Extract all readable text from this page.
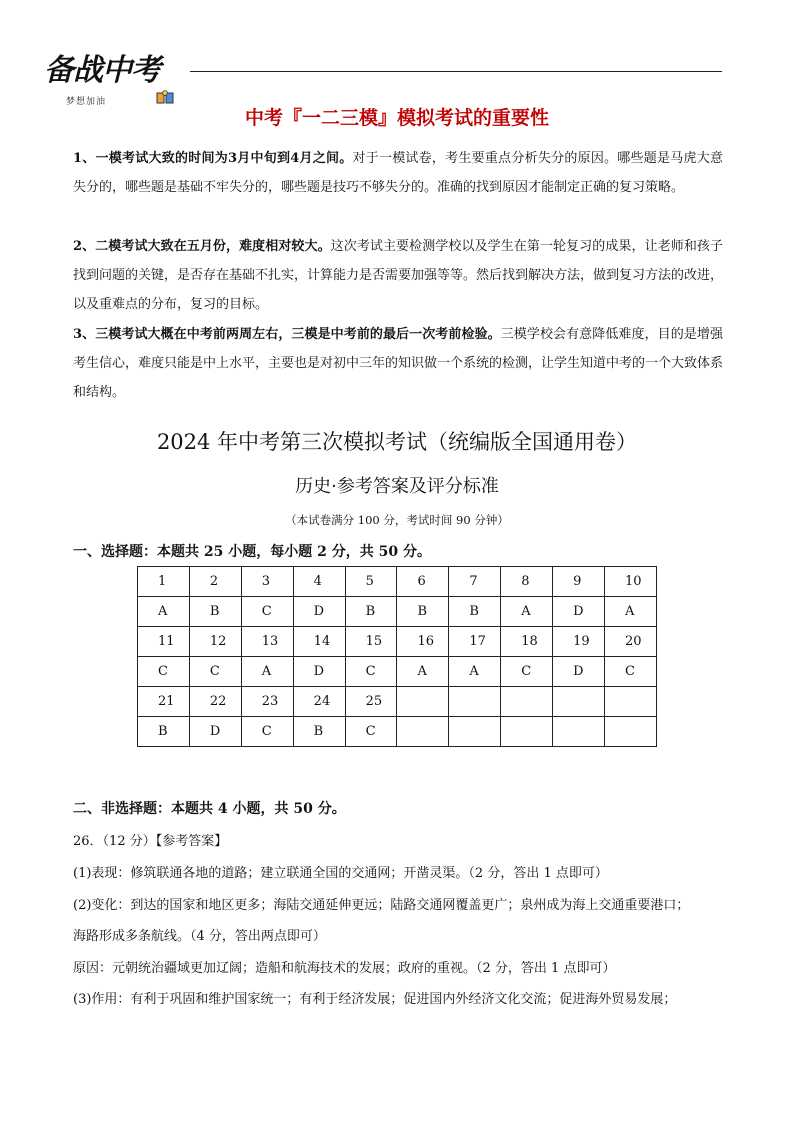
备战中考
梦想加油
中考『一二三模』模拟考试的重要性
1、一模考试大致的时间为3月中旬到4月之间。对于一模试卷，考生要重点分析失分的原因。哪些题是马虎大意失分的，哪些题是基础不牢失分的，哪些题是技巧不够失分的。准确的找到原因才能制定正确的复习策略。
2、二模考试大致在五月份，难度相对较大。这次考试主要检测学校以及学生在第一轮复习的成果，让老师和孩子找到问题的关键，是否存在基础不扎实，计算能力是否需要加强等等。然后找到解决方法，做到复习方法的改进，以及重难点的分布，复习的目标。
3、三模考试大概在中考前两周左右，三模是中考前的最后一次考前检验。三模学校会有意降低难度，目的是增强考生信心，难度只能是中上水平，主要也是对初中三年的知识做一个系统的检测，让学生知道中考的一个大致体系和结构。
2024 年中考第三次模拟考试（统编版全国通用卷）
历史·参考答案及评分标准
（本试卷满分 100 分，考试时间 90 分钟）
一、选择题：本题共 25 小题，每小题 2 分，共 50 分。
1	2	3	4	5	6	7	8	9	10
A	B	C	D	B	B	B	A	D	A
11	12	13	14	15	16	17	18	19	20
C	C	A	D	C	A	A	C	D	C
21	22	23	24	25					
B	D	C	B	C					
二、非选择题：本题共 4 小题，共 50 分。
26．（12 分）【参考答案】
(1)表现：修筑联通各地的道路；建立联通全国的交通网；开凿灵渠。（2 分，答出 1 点即可）
(2)变化：到达的国家和地区更多；海陆交通延伸更远；陆路交通网覆盖更广；泉州成为海上交通重要港口；
海路形成多条航线。（4 分，答出两点即可）
原因：元朝统治疆域更加辽阔；造船和航海技术的发展；政府的重视。（2 分，答出 1 点即可）
(3)作用：有利于巩固和维护国家统一；有利于经济发展；促进国内外经济文化交流；促进海外贸易发展；
